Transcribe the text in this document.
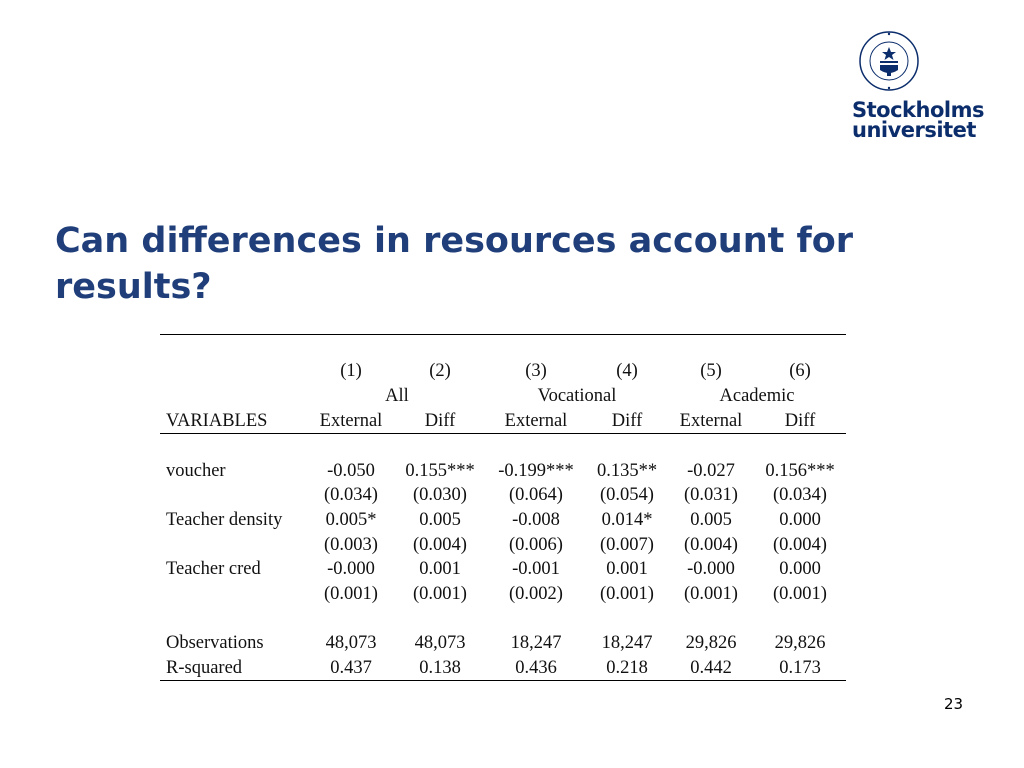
Stockholms
universitet
Can differences in resources account for results?

	(1)	(2)	(3)	(4)	(5)	(6)
	All		Vocational		Academic	
VARIABLES	External	Diff	External	Diff	External	Diff

voucher	-0.050	0.155***	-0.199***	0.135**	-0.027	0.156***
	(0.034)	(0.030)	(0.064)	(0.054)	(0.031)	(0.034)
Teacher density	0.005*	0.005	-0.008	0.014*	0.005	0.000
	(0.003)	(0.004)	(0.006)	(0.007)	(0.004)	(0.004)
Teacher cred	-0.000	0.001	-0.001	0.001	-0.000	0.000
	(0.001)	(0.001)	(0.002)	(0.001)	(0.001)	(0.001)

Observations	48,073	48,073	18,247	18,247	29,826	29,826
R-squared	0.437	0.138	0.436	0.218	0.442	0.173
23
